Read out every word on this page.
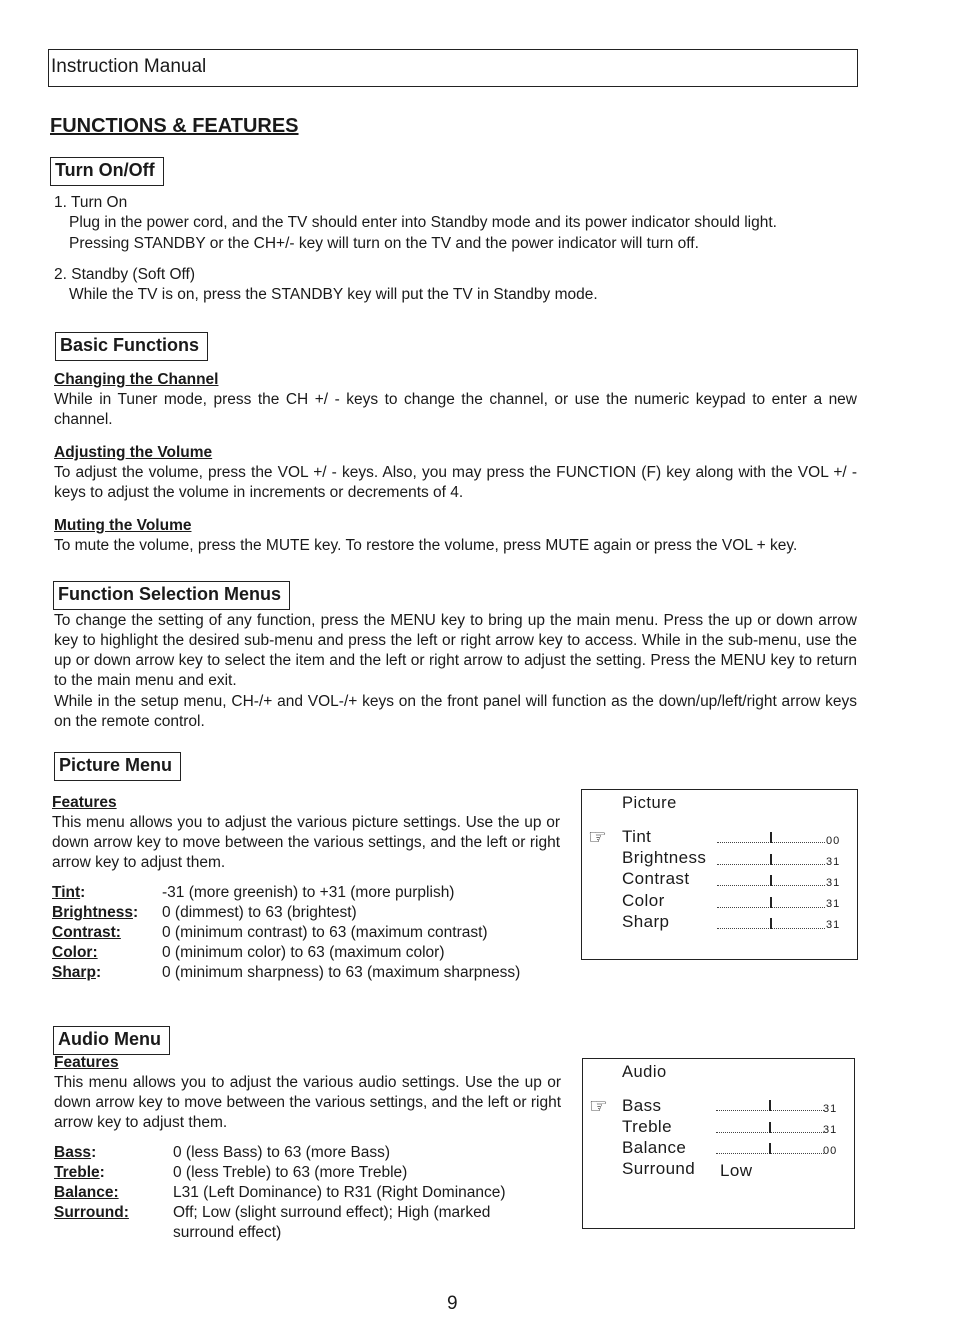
Instruction Manual
FUNCTIONS & FEATURES
Turn On/Off
1. Turn On
Plug in the power cord, and the TV should enter into Standby mode and its power indicator should light.
Pressing STANDBY or the CH+/- key will turn on the TV and the power indicator will turn off.
2. Standby (Soft Off)
While the TV is on, press the STANDBY key will put the TV in Standby mode.
Basic Functions
Changing the Channel
While in Tuner mode, press the CH +/ - keys to change the channel, or use the numeric keypad to enter a new channel.
Adjusting the Volume
To adjust the volume, press the VOL +/ - keys. Also, you may press the FUNCTION (F) key along with the VOL +/ - keys to adjust the volume in increments or decrements of 4.
Muting the Volume
To mute the volume, press the MUTE key. To restore the volume, press MUTE again or press the VOL + key.
Function Selection Menus
To change the setting of any function, press the MENU key to bring up the main menu. Press the up or down arrow key to highlight the desired sub-menu and press the left or right arrow key to access. While in the sub-menu, use the up or down arrow key to select the item and the left or right arrow to adjust the setting. Press the MENU key to return to the main menu and exit.
While in the setup menu, CH-/+ and VOL-/+ keys on the front panel will function as the down/up/left/right arrow keys on the remote control.
Picture Menu
Features
This menu allows you to adjust the various picture settings. Use the up or down arrow key to move between the various settings, and the left or right arrow key to adjust them.
Tint:	-31 (more greenish) to +31 (more purplish)
Brightness: 0 (dimmest) to 63 (brightest)
Contrast:	0 (minimum contrast) to 63 (maximum contrast)
Color:	0 (minimum color) to 63 (maximum color)
Sharp:	0 (minimum sharpness) to 63 (maximum sharpness)
Picture
☞ Tint	00
Brightness	31
Contrast	31
Color	31
Sharp	31
Audio Menu
Features
This menu allows you to adjust the various audio settings. Use the up or down arrow key to move between the various settings, and the left or right arrow key to adjust them.
Bass:	0 (less Bass) to 63 (more Bass)
Treble:	0 (less Treble) to 63 (more Treble)
Balance:	L31 (Left Dominance) to R31 (Right Dominance)
Surround:	Off; Low (slight surround effect); High (marked
surround effect)
Audio
☞ Bass	31
Treble	31
Balance	00
Surround Low
9
